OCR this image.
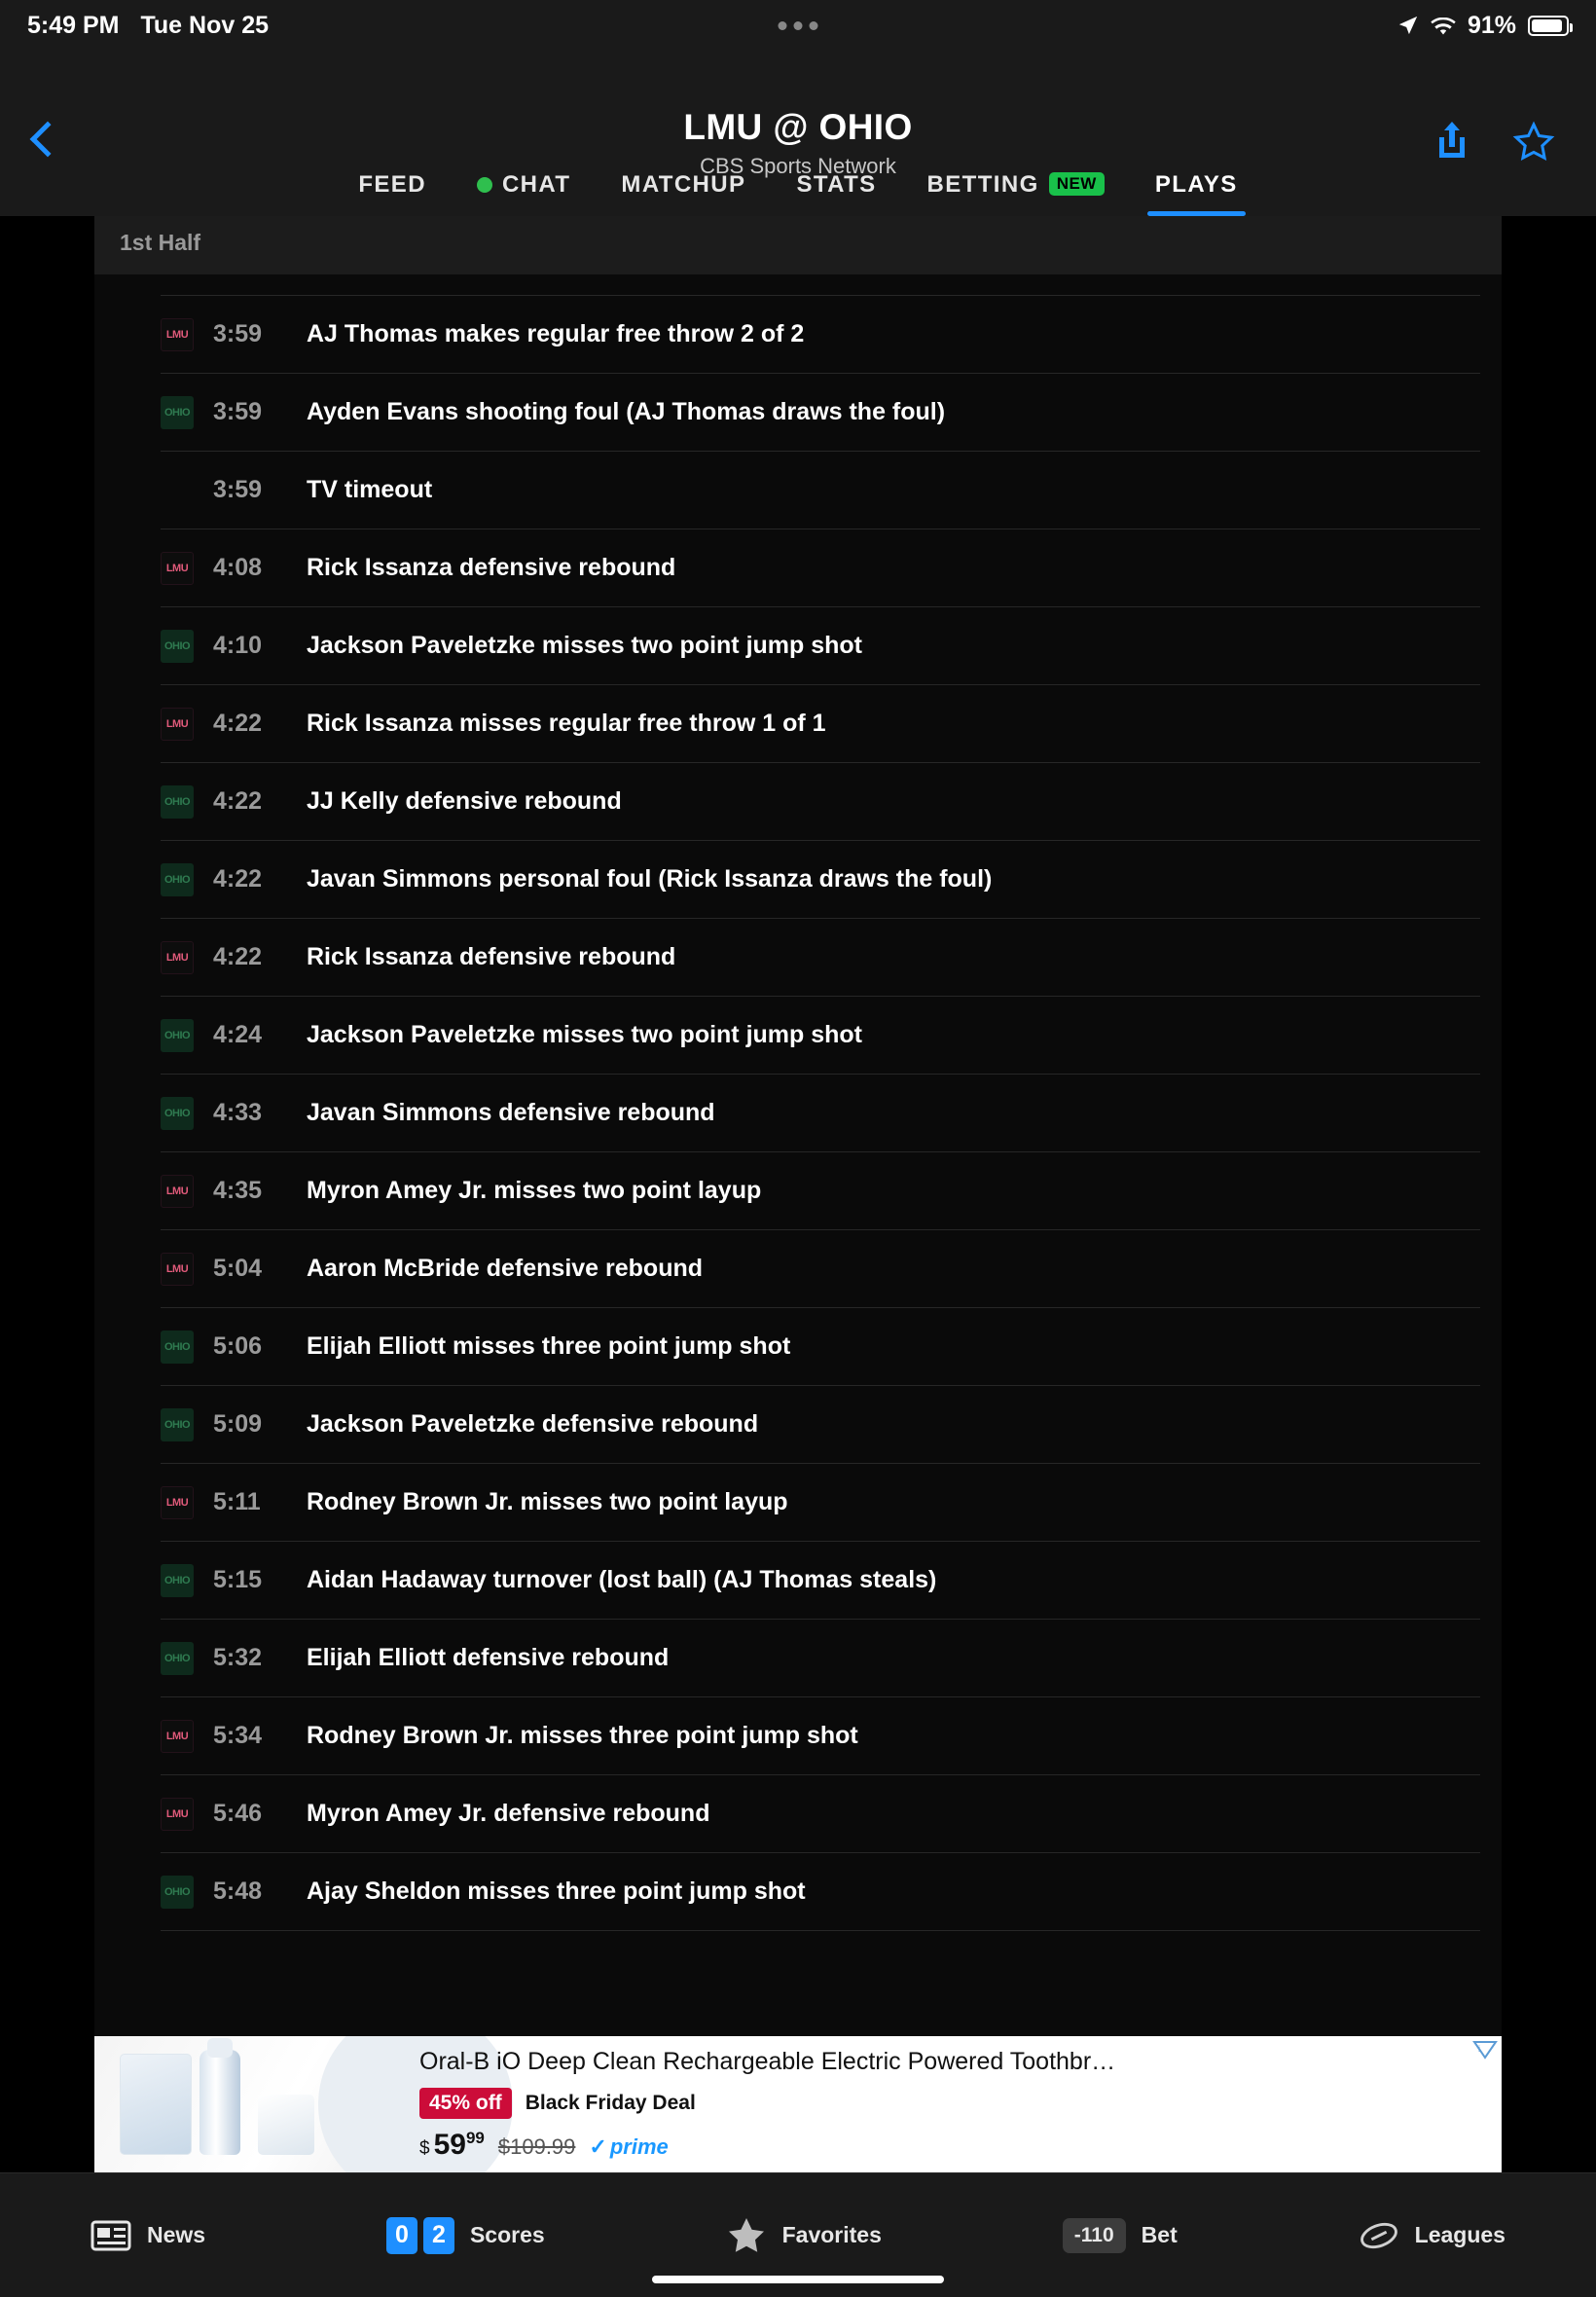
5:49 PM Tue Nov 25	91%
LMU @ OHIO
CBS Sports Network
FEED	CHAT MATCHUP STATS BETTING	NEW	PLAYS
1st Half
LMU 3:59	AJ Thomas makes regular free throw 2 of 2
OHIO 3:59	Ayden Evans shooting foul (AJ Thomas draws the foul)
3:59	TV timeout
LMU 4:08	Rick Issanza defensive rebound
OHIO 4:10	Jackson Paveletzke misses two point jump shot
LMU 4:22	Rick Issanza misses regular free throw 1 of 1
OHIO 4:22	JJ Kelly defensive rebound
OHIO 4:22	Javan Simmons personal foul (Rick Issanza draws the foul)
LMU 4:22	Rick Issanza defensive rebound
OHIO 4:24	Jackson Paveletzke misses two point jump shot
OHIO 4:33	Javan Simmons defensive rebound
LMU 4:35	Myron Amey Jr. misses two point layup
LMU 5:04	Aaron McBride defensive rebound
OHIO 5:06	Elijah Elliott misses three point jump shot
OHIO 5:09	Jackson Paveletzke defensive rebound
LMU 5:11	Rodney Brown Jr. misses two point layup
OHIO 5:15	Aidan Hadaway turnover (lost ball) (AJ Thomas steals)
OHIO 5:32	Elijah Elliott defensive rebound
LMU 5:34	Rodney Brown Jr. misses three point jump shot
LMU 5:46	Myron Amey Jr. defensive rebound
OHIO 5:48	Ajay Sheldon misses three point jump shot
Oral-B iO Deep Clean Rechargeable Electric Powered Toothbr…
45% off	Black Friday Deal
$ $59^{99}$ $109.99	✓ prime
i
News	0 2	Scores	Favorites	-110	Bet	Leagues
